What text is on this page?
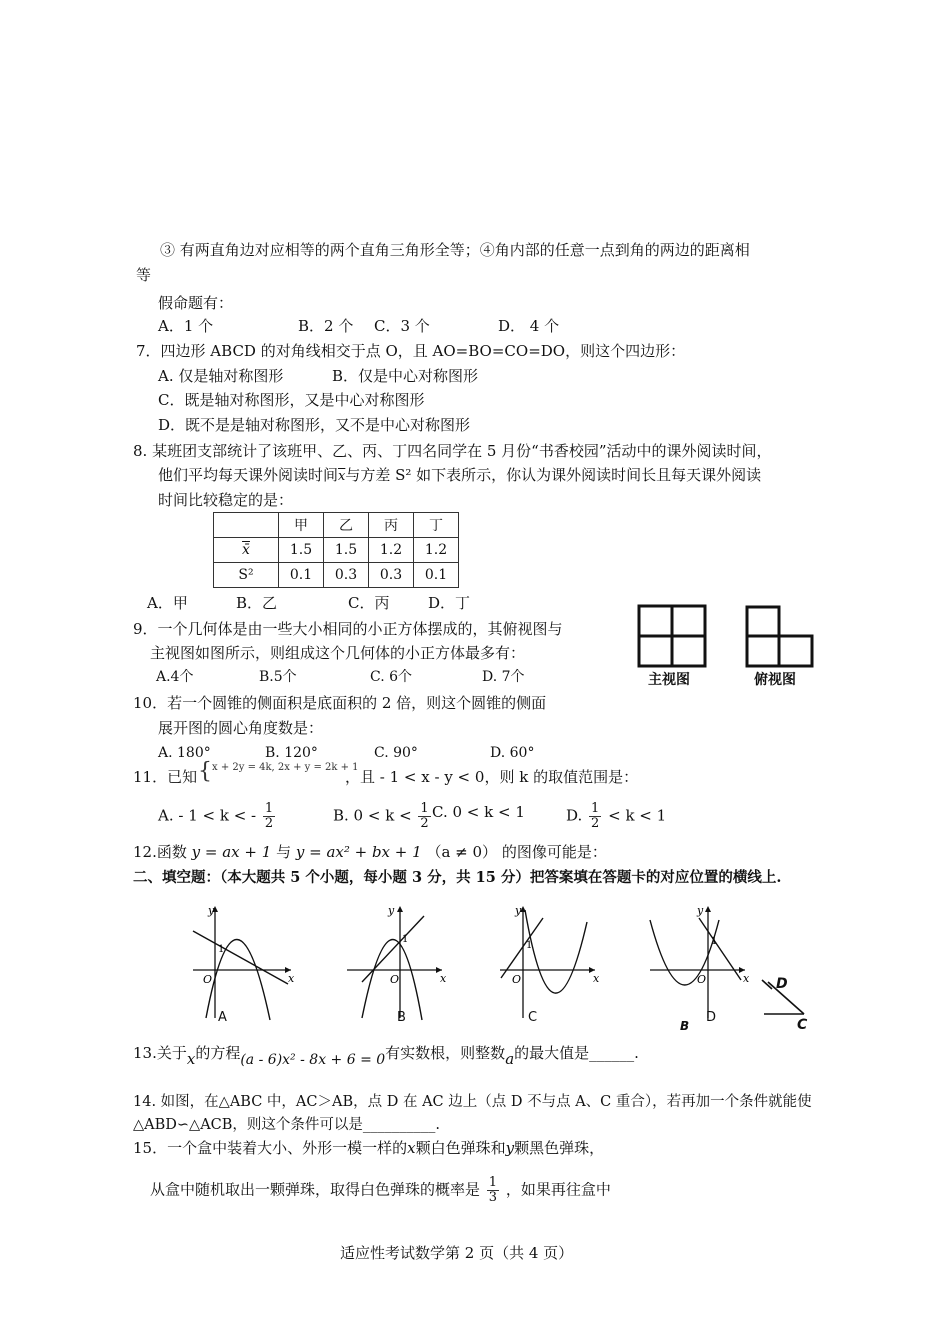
③ 有两直角边对应相等的两个直角三角形全等；④角内部的任意一点到角的两边的距离相
等
假命题有：
A．1 个	B．2 个 C．3 个	D． 4 个
7．四边形 ABCD 的对角线相交于点 O，且 AO=BO=CO=DO，则这个四边形：
A. 仅是轴对称图形	B．仅是中心对称图形
C．既是轴对称图形，又是中心对称图形
D．既不是是轴对称图形，又不是中心对称图形
8. 某班团支部统计了该班甲、乙、丙、丁四名同学在 5 月份“书香校园”活动中的课外阅读时间，
他们平均每天课外阅读时间$\overline{x}$与方差 S² 如下表所示，你认为课外阅读时间长且每天课外阅读
时间比较稳定的是：
	甲	乙	丙	丁
x̄	1.5	1.5	1.2	1.2
S²	0.1	0.3	0.3	0.1
A．甲	B．乙	C．丙	D．丁
9．一个几何体是由一些大小相同的小正方体摆成的，其俯视图与
主视图如图所示，则组成这个几何体的小正方体最多有：
A.4个	B.5个	C. 6个	D. 7个	主视图	俯视图
10．若一个圆锥的侧面积是底面积的 2 倍，则这个圆锥的侧面
展开图的圆心角度数是：
A. 180°	B. 120°	C. 90°	D. 60°
11．已知 {x + 2y = 4k, 2x + y = 2k + 1
，且 - 1 < x - y < 0，则 k 的取值范围是：
A. - 1 < k < - $\frac{1}{2}$	B. $0 < k < \frac{1}{2} C$. 0 < k < 1	D. $\frac{1}{2} < k < 1$
12.函数 y = ax + 1 与 y = ax² + bx + 1 （a ≠ 0） 的图像可能是：
二、填空题：（本大题共 5 个小题，每小题 3 分，共 15 分）把答案填在答题卡的对应位置的横线上.
y
x
O
1
A
y
x
O
1
B
y
x
O
1
C
y
x
O
1
D
D
C
B
13.关于x的方程(a - 6)x² - 8x + 6 = 0有实数根，则整数a的最大值是______.
14. 如图，在△ABC 中，AC＞AB，点 D 在 AC 边上（点 D 不与点 A、C 重合），若再加一个条件就能使
△ABD∽△ACB，则这个条件可以是__________.
15．一个盒中装着大小、外形一模一样的x颗白色弹珠和y颗黑色弹珠，
从盒中随机取出一颗弹珠，取得白色弹珠的概率是 $\frac{1}{3}$ ，如果再往盒中
适应性考试数学第 2 页（共 4 页）
